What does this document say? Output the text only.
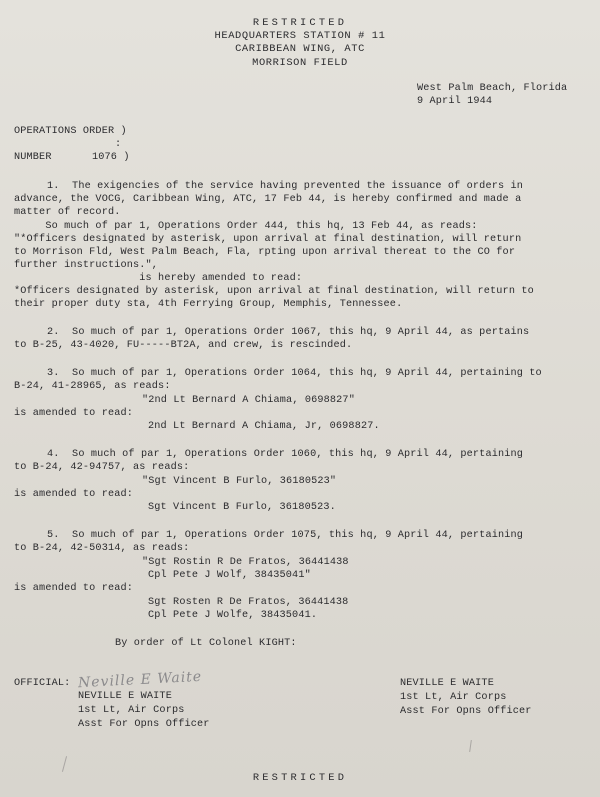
RESTRICTED
HEADQUARTERS STATION # 11
CARIBBEAN WING, ATC
MORRISON FIELD
West Palm Beach, Florida
9 April 1944
OPERATIONS ORDER )
:
NUMBER	1076 )
1.  The exigencies of the service having prevented the issuance of orders in
advance, the VOCG, Caribbean Wing, ATC, 17 Feb 44, is hereby confirmed and made a
matter of record.
So much of par 1, Operations Order 444, this hq, 13 Feb 44, as reads:
"*Officers designated by asterisk, upon arrival at final destination, will return
to Morrison Fld, West Palm Beach, Fla, rpting upon arrival thereat to the CO for
further instructions.",
is hereby amended to read:
*Officers designated by asterisk, upon arrival at final destination, will return to
their proper duty sta, 4th Ferrying Group, Memphis, Tennessee.
2.  So much of par 1, Operations Order 1067, this hq, 9 April 44, as pertains
to B-25, 43-4020, FU-----BT2A, and crew, is rescinded.
3.  So much of par 1, Operations Order 1064, this hq, 9 April 44, pertaining to
B-24, 41-28965, as reads:
"2nd Lt Bernard A Chiama, 0698827"
is amended to read:
2nd Lt Bernard A Chiama, Jr, 0698827.
4.  So much of par 1, Operations Order 1060, this hq, 9 April 44, pertaining
to B-24, 42-94757, as reads:
"Sgt Vincent B Furlo, 36180523"
is amended to read:
Sgt Vincent B Furlo, 36180523.
5.  So much of par 1, Operations Order 1075, this hq, 9 April 44, pertaining
to B-24, 42-50314, as reads:
"Sgt Rostin R De Fratos, 36441438
Cpl Pete J Wolf, 38435041"
is amended to read:
Sgt Rosten R De Fratos, 36441438
Cpl Pete J Wolfe, 38435041.
By order of Lt Colonel KIGHT:
OFFICIAL: Neville E Waite
NEVILLE E WAITE
1st Lt, Air Corps
Asst For Opns Officer
NEVILLE E WAITE
1st Lt, Air Corps
Asst For Opns Officer
RESTRICTED
